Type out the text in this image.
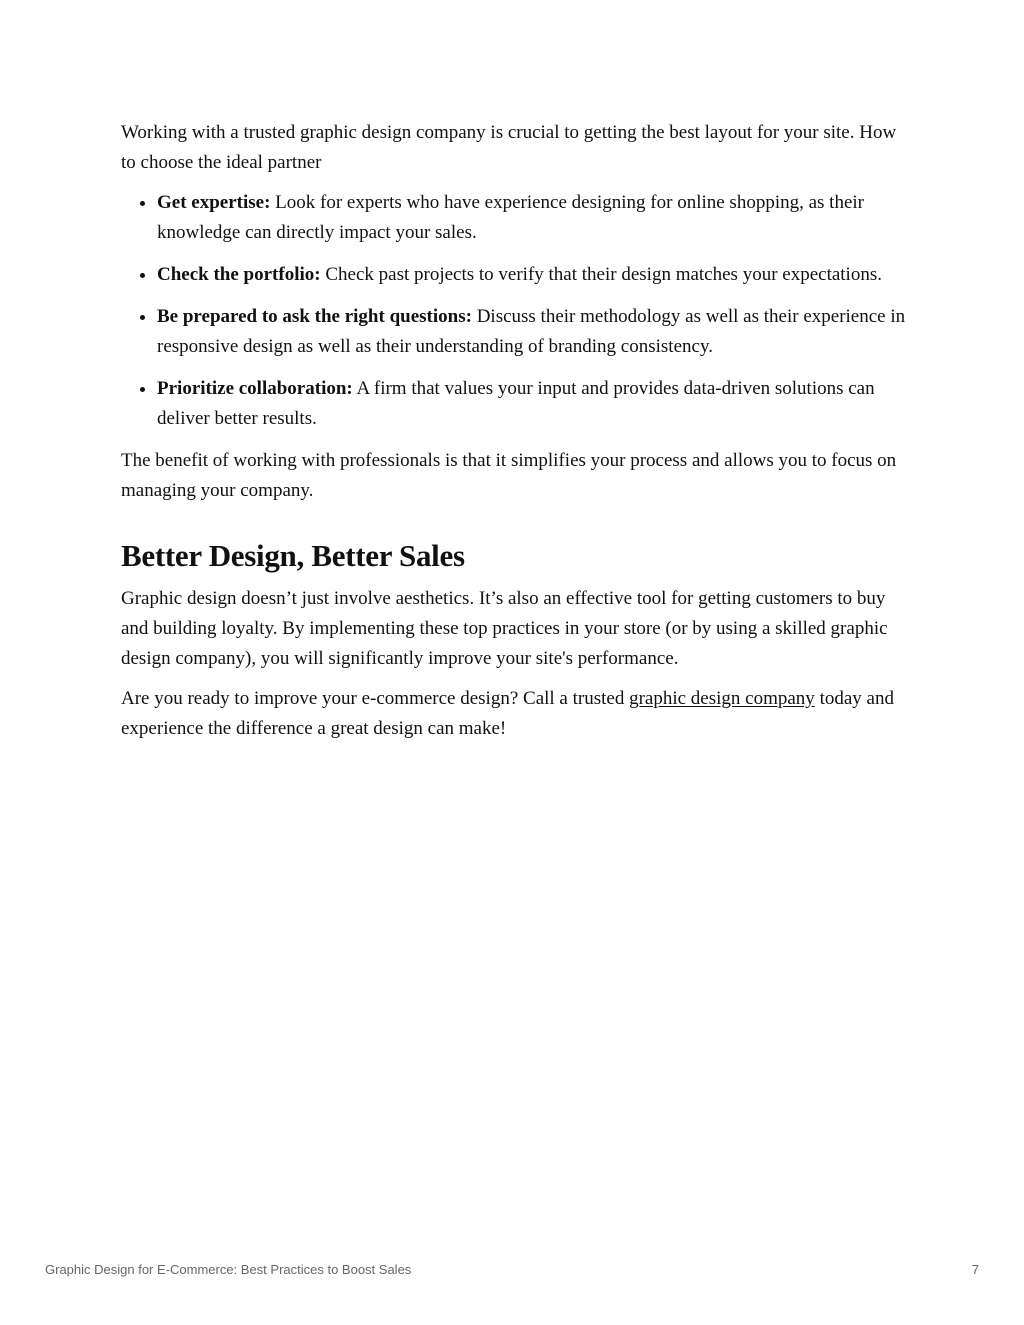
Working with a trusted graphic design company is crucial to getting the best layout for your site. How to choose the ideal partner

• Get expertise: Look for experts who have experience designing for online shopping, as their knowledge can directly impact your sales.
• Check the portfolio: Check past projects to verify that their design matches your expectations.
• Be prepared to ask the right questions: Discuss their methodology as well as their experience in responsive design as well as their understanding of branding consistency.
• Prioritize collaboration: A firm that values your input and provides data-driven solutions can deliver better results.

The benefit of working with professionals is that it simplifies your process and allows you to focus on managing your company.

Better Design, Better Sales

Graphic design doesn’t just involve aesthetics. It’s also an effective tool for getting customers to buy and building loyalty. By implementing these top practices in your store (or by using a skilled graphic design company), you will significantly improve your site's performance.

Are you ready to improve your e-commerce design? Call a trusted graphic design company today and experience the difference a great design can make!

Graphic Design for E-Commerce: Best Practices to Boost Sales	7
